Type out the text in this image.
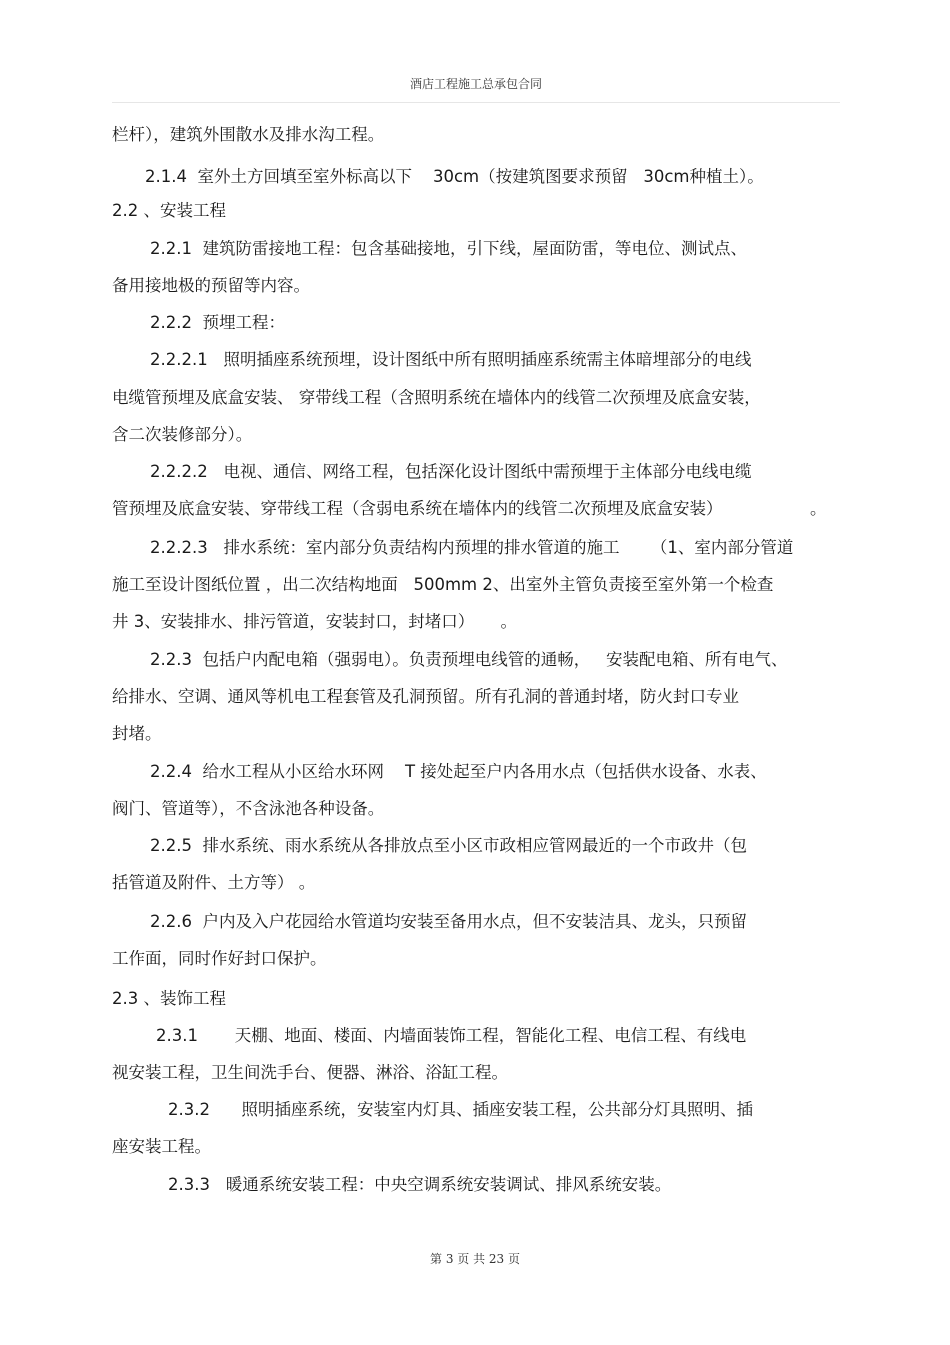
酒店工程施工总承包合同
栏杆），建筑外围散水及排水沟工程。
2.1.4  室外土方回填至室外标高以下    30cm（按建筑图要求预留   30cm种植土）。
2.2 、安装工程
2.2.1  建筑防雷接地工程：包含基础接地，引下线，屋面防雷，等电位、测试点、
备用接地极的预留等内容。
2.2.2  预埋工程：
2.2.2.1   照明插座系统预埋，设计图纸中所有照明插座系统需主体暗埋部分的电线
电缆管预埋及底盒安装、 穿带线工程（含照明系统在墙体内的线管二次预埋及底盒安装，
含二次装修部分）。
2.2.2.2   电视、通信、网络工程，包括深化设计图纸中需预埋于主体部分电线电缆
管预埋及底盒安装、穿带线工程（含弱电系统在墙体内的线管二次预埋及底盒安装）	。
2.2.2.3   排水系统：室内部分负责结构内预埋的排水管道的施工      （1、室内部分管道
施工至设计图纸位置 ，出二次结构地面   500mm 2、出室外主管负责接至室外第一个检查
井 3、安装排水、排污管道，安装封口，封堵口）     。
2.2.3  包括户内配电箱（强弱电）。负责预埋电线管的通畅，   安装配电箱、所有电气、
给排水、空调、通风等机电工程套管及孔洞预留。所有孔洞的普通封堵，防火封口专业
封堵。
2.2.4  给水工程从小区给水环网    T 接处起至户内各用水点（包括供水设备、水表、
阀门、管道等），不含泳池各种设备。
2.2.5  排水系统、雨水系统从各排放点至小区市政相应管网最近的一个市政井（包
括管道及附件、土方等） 。
2.2.6  户内及入户花园给水管道均安装至备用水点，但不安装洁具、龙头，只预留
工作面，同时作好封口保护。
2.3 、装饰工程
2.3.1       天棚、地面、楼面、内墙面装饰工程，智能化工程、电信工程、有线电
视安装工程，卫生间洗手台、便器、淋浴、浴缸工程。
2.3.2      照明插座系统，安装室内灯具、插座安装工程，公共部分灯具照明、插
座安装工程。
2.3.3   暖通系统安装工程：中央空调系统安装调试、排风系统安装。
第 3 页 共 23 页
